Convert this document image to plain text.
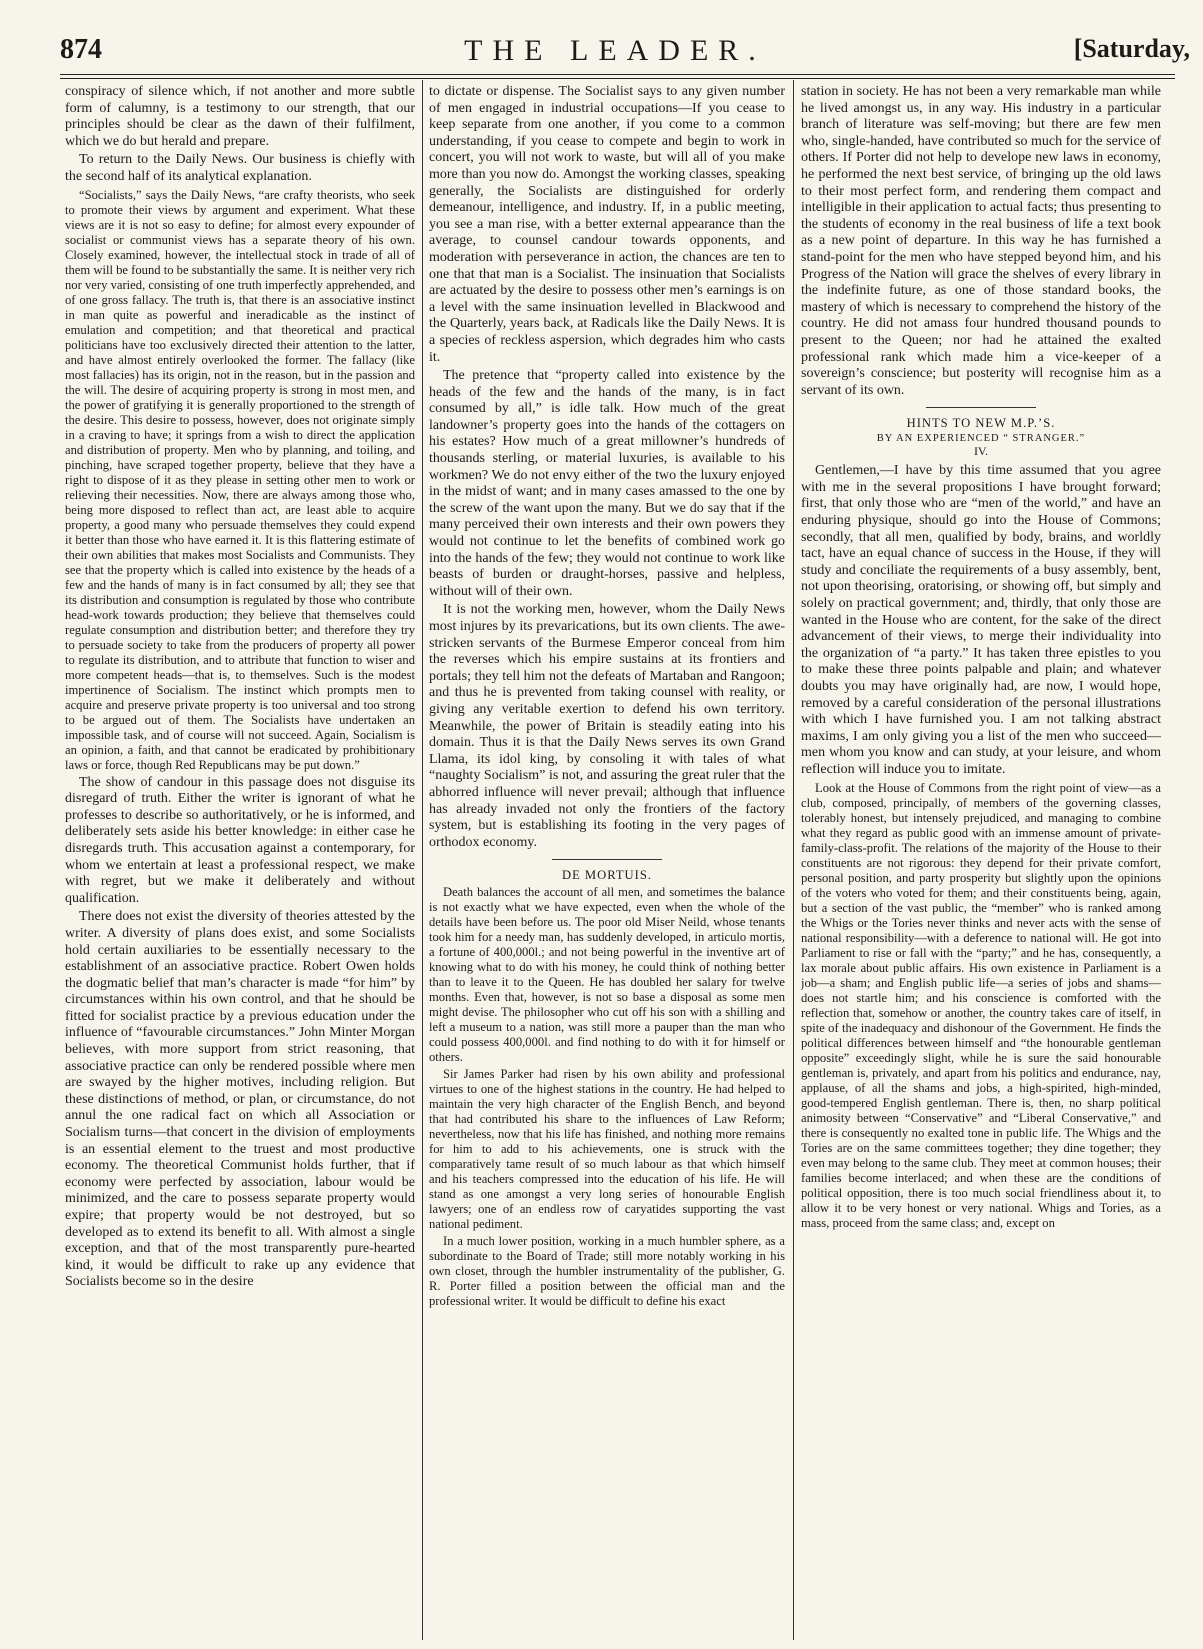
874	THE LEADER.	[Saturday,

conspiracy of silence which, if not another and more subtle form of calumny, is a testimony to our strength, that our principles should be clear as the dawn of their fulfilment, which we do but herald and prepare.

To return to the Daily News. Our business is chiefly with the second half of its analytical explanation.

“Socialists,” says the Daily News, “are crafty theorists, who seek to promote their views by argument and experiment. What these views are it is not so easy to define; for almost every expounder of socialist or communist views has a separate theory of his own. Closely examined, however, the intellectual stock in trade of all of them will be found to be substantially the same. It is neither very rich nor very varied, consisting of one truth imperfectly apprehended, and of one gross fallacy. The truth is, that there is an associative instinct in man quite as powerful and ineradicable as the instinct of emulation and competition; and that theoretical and practical politicians have too exclusively directed their attention to the latter, and have almost entirely overlooked the former. The fallacy (like most fallacies) has its origin, not in the reason, but in the passion and the will. The desire of acquiring property is strong in most men, and the power of gratifying it is generally proportioned to the strength of the desire. This desire to possess, however, does not originate simply in a craving to have; it springs from a wish to direct the application and distribution of property. Men who by planning, and toiling, and pinching, have scraped together property, believe that they have a right to dispose of it as they please in setting other men to work or relieving their necessities. Now, there are always among those who, being more disposed to reflect than act, are least able to acquire property, a good many who persuade themselves they could expend it better than those who have earned it. It is this flattering estimate of their own abilities that makes most Socialists and Communists. They see that the property which is called into existence by the heads of a few and the hands of many is in fact consumed by all; they see that its distribution and consumption is regulated by those who contribute head-work towards production; they believe that themselves could regulate consumption and distribution better; and therefore they try to persuade society to take from the producers of property all power to regulate its distribution, and to attribute that function to wiser and more competent heads—that is, to themselves. Such is the modest impertinence of Socialism. The instinct which prompts men to acquire and preserve private property is too universal and too strong to be argued out of them. The Socialists have undertaken an impossible task, and of course will not succeed. Again, Socialism is an opinion, a faith, and that cannot be eradicated by prohibitionary laws or force, though Red Republicans may be put down.”

The show of candour in this passage does not disguise its disregard of truth. Either the writer is ignorant of what he professes to describe so authoritatively, or he is informed, and deliberately sets aside his better knowledge: in either case he disregards truth. This accusation against a contemporary, for whom we entertain at least a professional respect, we make with regret, but we make it deliberately and without qualification.

There does not exist the diversity of theories attested by the writer. A diversity of plans does exist, and some Socialists hold certain auxiliaries to be essentially necessary to the establishment of an associative practice. Robert Owen holds the dogmatic belief that man’s character is made “for him” by circumstances within his own control, and that he should be fitted for socialist practice by a previous education under the influence of “favourable circumstances.” John Minter Morgan believes, with more support from strict reasoning, that associative practice can only be rendered possible where men are swayed by the higher motives, including religion. But these distinctions of method, or plan, or circumstance, do not annul the one radical fact on which all Association or Socialism turns—that concert in the division of employments is an essential element to the truest and most productive economy. The theoretical Communist holds further, that if economy were perfected by association, labour would be minimized, and the care to possess separate property would expire; that property would be not destroyed, but so developed as to extend its benefit to all. With almost a single exception, and that of the most transparently pure-hearted kind, it would be difficult to rake up any evidence that Socialists become so in the desire

to dictate or dispense. The Socialist says to any given number of men engaged in industrial occupations—If you cease to keep separate from one another, if you come to a common understanding, if you cease to compete and begin to work in concert, you will not work to waste, but will all of you make more than you now do. Amongst the working classes, speaking generally, the Socialists are distinguished for orderly demeanour, intelligence, and industry. If, in a public meeting, you see a man rise, with a better external appearance than the average, to counsel candour towards opponents, and moderation with perseverance in action, the chances are ten to one that that man is a Socialist. The insinuation that Socialists are actuated by the desire to possess other men’s earnings is on a level with the same insinuation levelled in Blackwood and the Quarterly, years back, at Radicals like the Daily News. It is a species of reckless aspersion, which degrades him who casts it.

The pretence that “property called into existence by the heads of the few and the hands of the many, is in fact consumed by all,” is idle talk. How much of the great landowner’s property goes into the hands of the cottagers on his estates? How much of a great millowner’s hundreds of thousands sterling, or material luxuries, is available to his workmen? We do not envy either of the two the luxury enjoyed in the midst of want; and in many cases amassed to the one by the screw of the want upon the many. But we do say that if the many perceived their own interests and their own powers they would not continue to let the benefits of combined work go into the hands of the few; they would not continue to work like beasts of burden or draught-horses, passive and helpless, without will of their own.

It is not the working men, however, whom the Daily News most injures by its prevarications, but its own clients. The awe-stricken servants of the Burmese Emperor conceal from him the reverses which his empire sustains at its frontiers and portals; they tell him not the defeats of Martaban and Rangoon; and thus he is prevented from taking counsel with reality, or giving any veritable exertion to defend his own territory. Meanwhile, the power of Britain is steadily eating into his domain. Thus it is that the Daily News serves its own Grand Llama, its idol king, by consoling it with tales of what “naughty Socialism” is not, and assuring the great ruler that the abhorred influence will never prevail; although that influence has already invaded not only the frontiers of the factory system, but is establishing its footing in the very pages of orthodox economy.

DE MORTUIS.

Death balances the account of all men, and sometimes the balance is not exactly what we have expected, even when the whole of the details have been before us. The poor old Miser Neild, whose tenants took him for a needy man, has suddenly developed, in articulo mortis, a fortune of 400,000l.; and not being powerful in the inventive art of knowing what to do with his money, he could think of nothing better than to leave it to the Queen. He has doubled her salary for twelve months. Even that, however, is not so base a disposal as some men might devise. The philosopher who cut off his son with a shilling and left a museum to a nation, was still more a pauper than the man who could possess 400,000l. and find nothing to do with it for himself or others.

Sir James Parker had risen by his own ability and professional virtues to one of the highest stations in the country. He had helped to maintain the very high character of the English Bench, and beyond that had contributed his share to the influences of Law Reform; nevertheless, now that his life has finished, and nothing more remains for him to add to his achievements, one is struck with the comparatively tame result of so much labour as that which himself and his teachers compressed into the education of his life. He will stand as one amongst a very long series of honourable English lawyers; one of an endless row of caryatides supporting the vast national pediment.

In a much lower position, working in a much humbler sphere, as a subordinate to the Board of Trade; still more notably working in his own closet, through the humbler instrumentality of the publisher, G. R. Porter filled a position between the official man and the professional writer. It would be difficult to define his exact

station in society. He has not been a very remarkable man while he lived amongst us, in any way. His industry in a particular branch of literature was self-moving; but there are few men who, single-handed, have contributed so much for the service of others. If Porter did not help to develope new laws in economy, he performed the next best service, of bringing up the old laws to their most perfect form, and rendering them compact and intelligible in their application to actual facts; thus presenting to the students of economy in the real business of life a text book as a new point of departure. In this way he has furnished a stand-point for the men who have stepped beyond him, and his Progress of the Nation will grace the shelves of every library in the indefinite future, as one of those standard books, the mastery of which is necessary to comprehend the history of the country. He did not amass four hundred thousand pounds to present to the Queen; nor had he attained the exalted professional rank which made him a vice-keeper of a sovereign’s conscience; but posterity will recognise him as a servant of its own.

HINTS TO NEW M.P.’S.

BY AN EXPERIENCED “ STRANGER.”

IV.

Gentlemen,—I have by this time assumed that you agree with me in the several propositions I have brought forward; first, that only those who are “men of the world,” and have an enduring physique, should go into the House of Commons; secondly, that all men, qualified by body, brains, and worldly tact, have an equal chance of success in the House, if they will study and conciliate the requirements of a busy assembly, bent, not upon theorising, oratorising, or showing off, but simply and solely on practical government; and, thirdly, that only those are wanted in the House who are content, for the sake of the direct advancement of their views, to merge their individuality into the organization of “a party.” It has taken three epistles to you to make these three points palpable and plain; and whatever doubts you may have originally had, are now, I would hope, removed by a careful consideration of the personal illustrations with which I have furnished you. I am not talking abstract maxims, I am only giving you a list of the men who succeed—men whom you know and can study, at your leisure, and whom reflection will induce you to imitate.

Look at the House of Commons from the right point of view—as a club, composed, principally, of members of the governing classes, tolerably honest, but intensely prejudiced, and managing to combine what they regard as public good with an immense amount of private-family-class-profit. The relations of the majority of the House to their constituents are not rigorous: they depend for their private comfort, personal position, and party prosperity but slightly upon the opinions of the voters who voted for them; and their constituents being, again, but a section of the vast public, the “member” who is ranked among the Whigs or the Tories never thinks and never acts with the sense of national responsibility—with a deference to national will. He got into Parliament to rise or fall with the “party;” and he has, consequently, a lax morale about public affairs. His own existence in Parliament is a job—a sham; and English public life—a series of jobs and shams—does not startle him; and his conscience is comforted with the reflection that, somehow or another, the country takes care of itself, in spite of the inadequacy and dishonour of the Government. He finds the political differences between himself and “the honourable gentleman opposite” exceedingly slight, while he is sure the said honourable gentleman is, privately, and apart from his politics and endurance, nay, applause, of all the shams and jobs, a high-spirited, high-minded, good-tempered English gentleman. There is, then, no sharp political animosity between “Conservative” and “Liberal Conservative,” and there is consequently no exalted tone in public life. The Whigs and the Tories are on the same committees together; they dine together; they even may belong to the same club. They meet at common houses; their families become interlaced; and when these are the conditions of political opposition, there is too much social friendliness about it, to allow it to be very honest or very national. Whigs and Tories, as a mass, proceed from the same class; and, except on
